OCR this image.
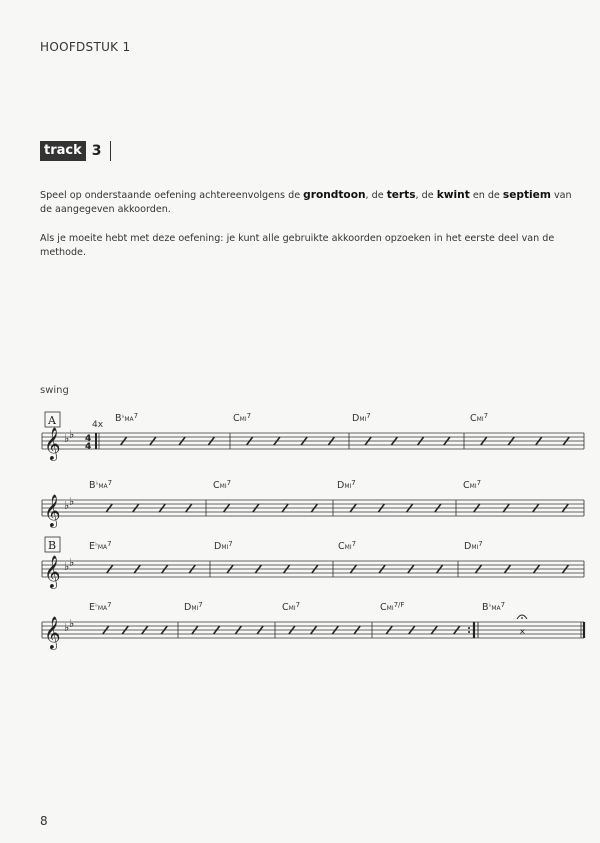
HOOFDSTUK 1
track 3
Speel op onderstaande oefening achtereenvolgens de grondtoon, de terts, de kwint en de septiem van de aangegeven akkoorden.
Als je moeite hebt met deze oefening: je kunt alle gebruikte akkoorden opzoeken in het eerste deel van de methode.
swing
𝄞 ♭ ♭ 4
4
4x
A	$B^♭_{MA}^7$	CMI$^7$	DMI$^7$	CMI$^7$
𝄞 ♭ ♭
$B^♭_{MA}^7$	CMI$^7$	DMI$^7$	CMI$^7$
𝄞 ♭ ♭
B	$E^♭_{MA}^7$	DMI$^7$	CMI$^7$	DMI$^7$
𝄞 ♭ ♭
×
$E^♭_{MA}^7$	DMI$^7$	CMI$^7$	$CMI^{7/F}$	$B^♭_{MA}^7$
8
